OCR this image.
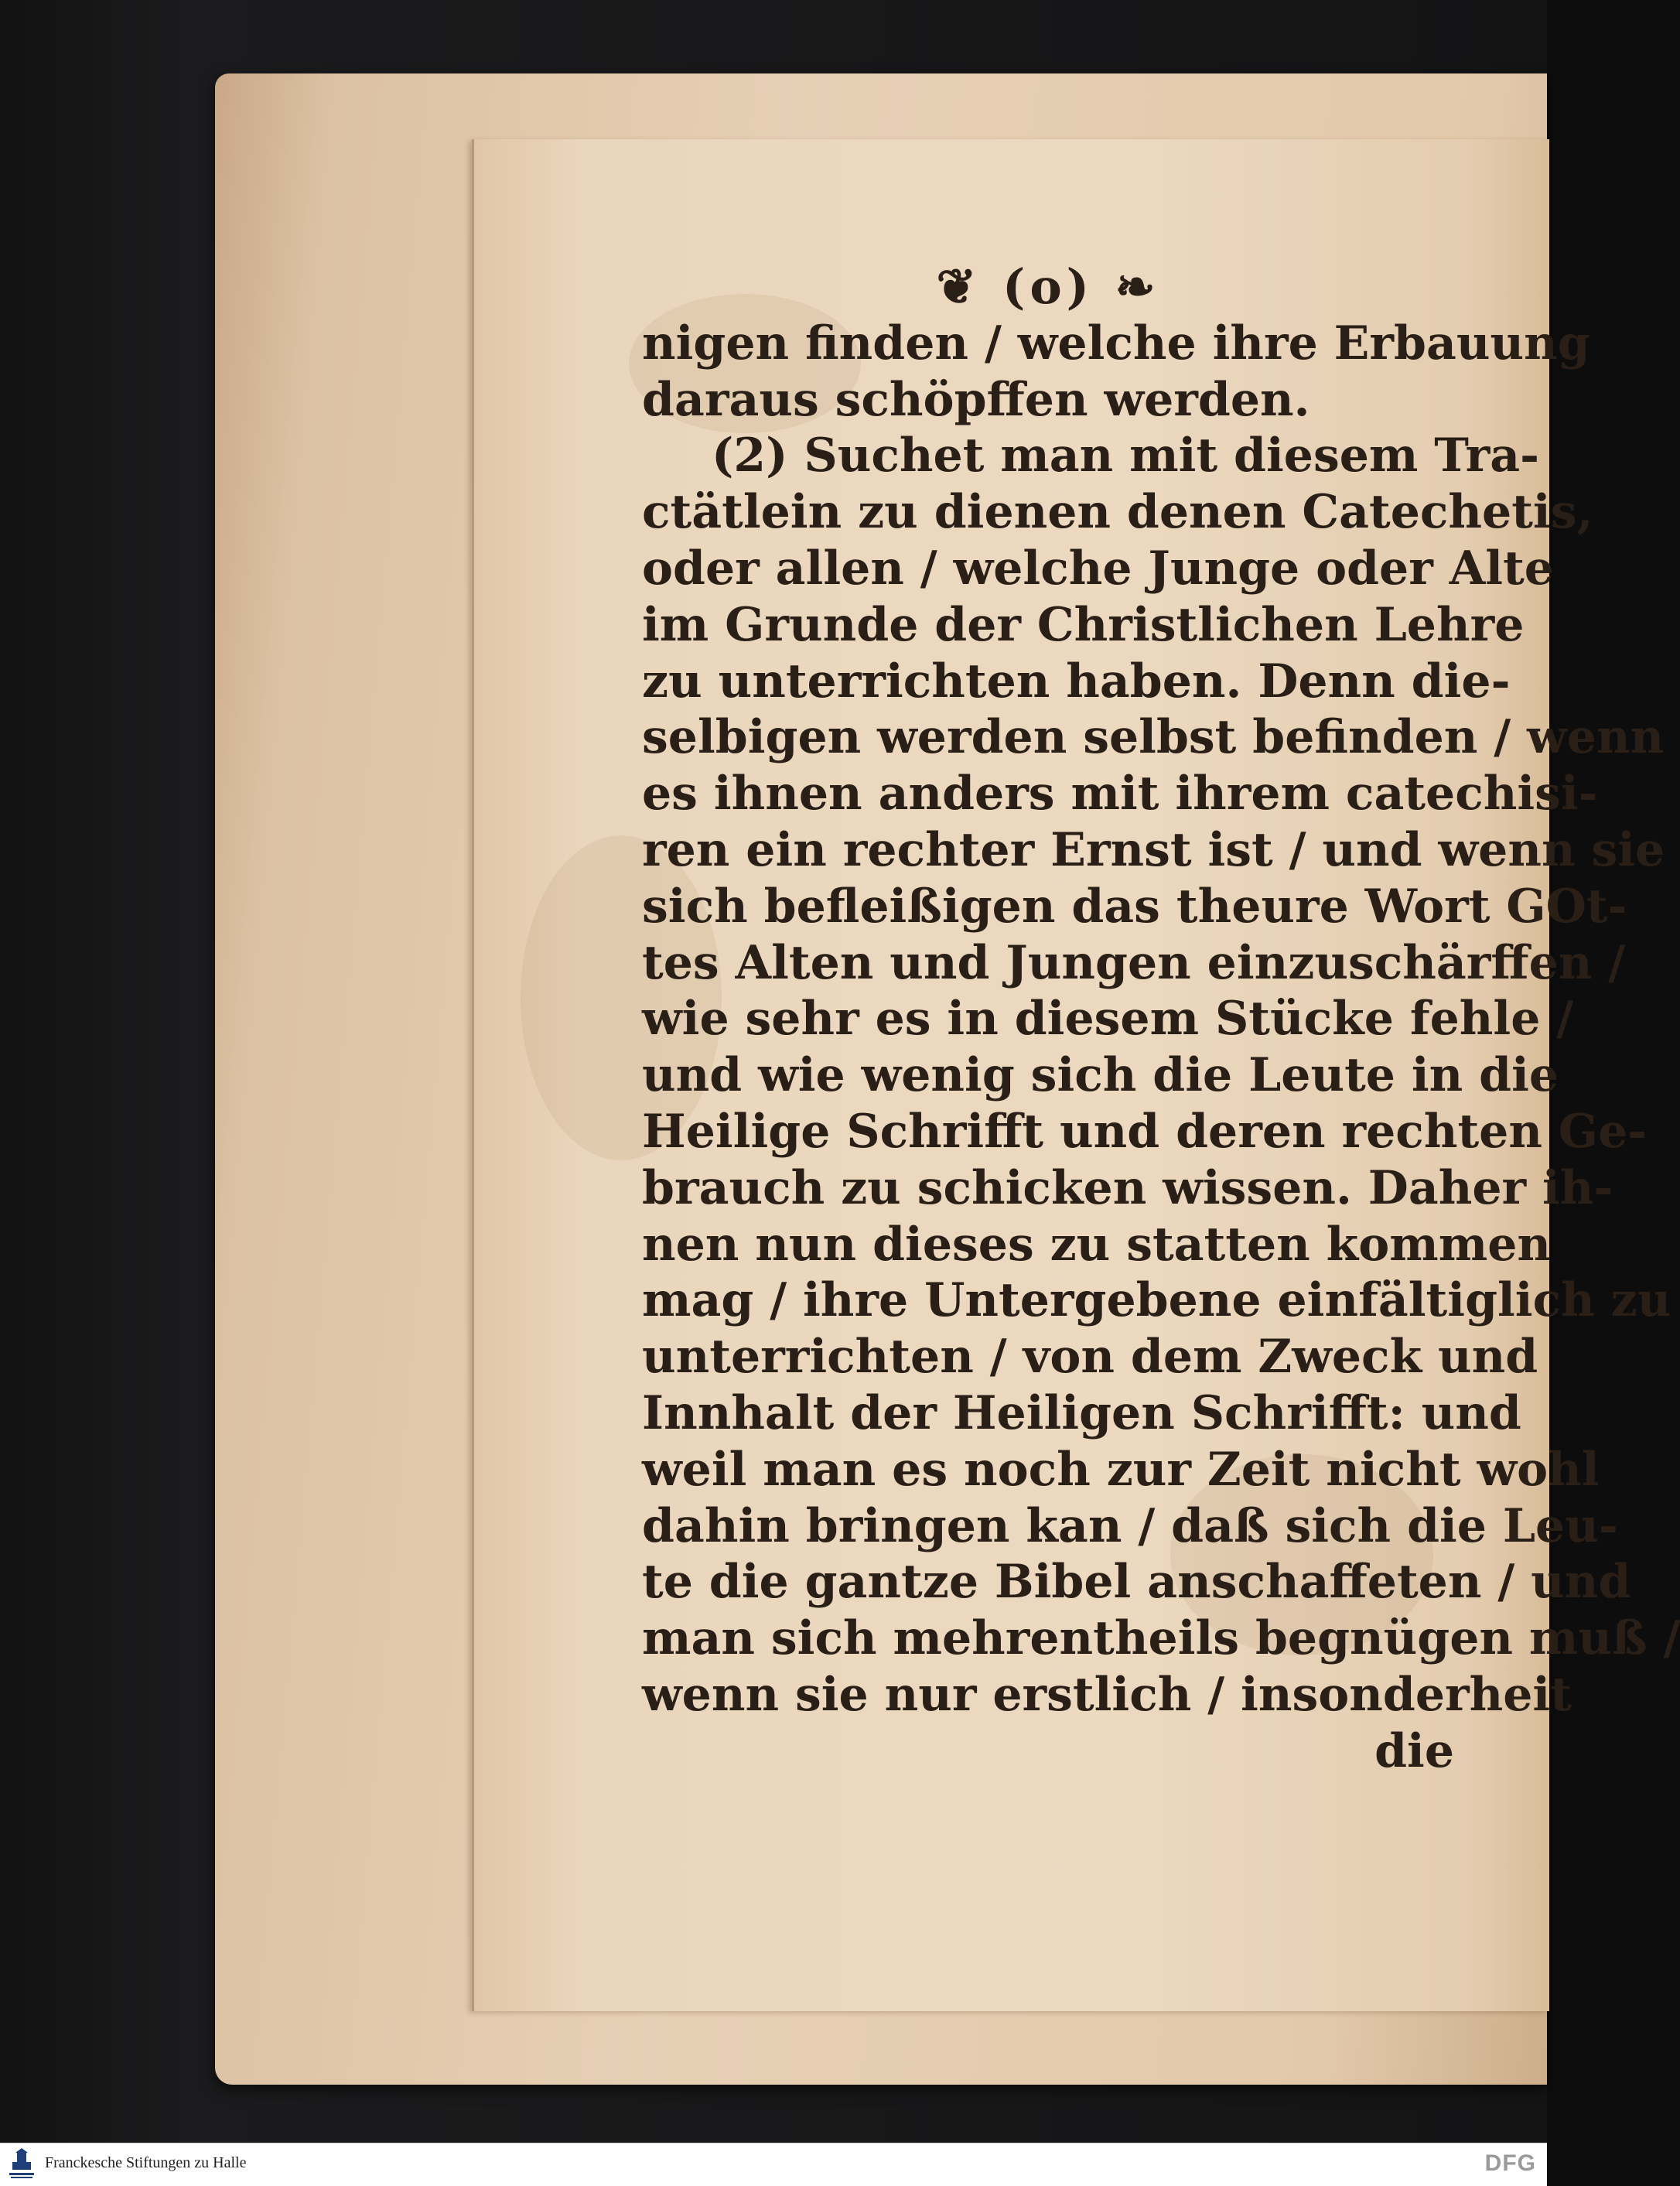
❦ (o) ❧
nigen finden / welche ihre Erbauung
daraus schöpffen werden.
(2) Suchet man mit diesem Tra-
ctätlein zu dienen denen Catechetis,
oder allen / welche Junge oder Alte
im Grunde der Christlichen Lehre
zu unterrichten haben. Denn die-
selbigen werden selbst befinden / wenn
es ihnen anders mit ihrem catechisi-
ren ein rechter Ernst ist / und wenn sie
sich befleißigen das theure Wort GOt-
tes Alten und Jungen einzuschärffen /
wie sehr es in diesem Stücke fehle /
und wie wenig sich die Leute in die
Heilige Schrifft und deren rechten Ge-
brauch zu schicken wissen. Daher ih-
nen nun dieses zu statten kommen
mag / ihre Untergebene einfältiglich zu
unterrichten / von dem Zweck und
Innhalt der Heiligen Schrifft: und
weil man es noch zur Zeit nicht wohl
dahin bringen kan / daß sich die Leu-
te die gantze Bibel anschaffeten / und
man sich mehrentheils begnügen muß /
wenn sie nur erstlich / insonderheit
die
Franckesche Stiftungen zu Halle	DFG
